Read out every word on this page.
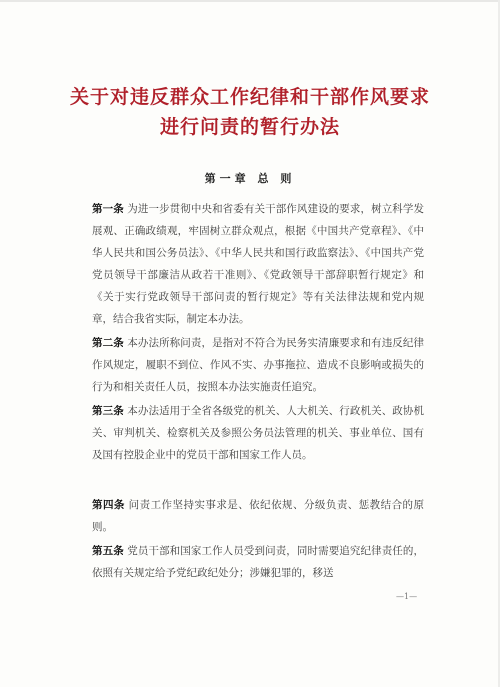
关于对违反群众工作纪律和干部作风要求
进行问责的暂行办法
第一章 总 则
第一条 为进一步贯彻中央和省委有关干部作风建设的要求，树立科学发展观、正确政绩观，牢固树立群众观点，根据《中国共产党章程》、《中华人民共和国公务员法》、《中华人民共和国行政监察法》、《中国共产党党员领导干部廉洁从政若干准则》、《党政领导干部辞职暂行规定》和《关于实行党政领导干部问责的暂行规定》等有关法律法规和党内规章，结合我省实际，制定本办法。
第二条 本办法所称问责，是指对不符合为民务实清廉要求和有违反纪律作风规定，履职不到位、作风不实、办事拖拉、造成不良影响或损失的行为和相关责任人员，按照本办法实施责任追究。
第三条 本办法适用于全省各级党的机关、人大机关、行政机关、政协机关、审判机关、检察机关及参照公务员法管理的机关、事业单位、国有及国有控股企业中的党员干部和国家工作人员。
第四条 问责工作坚持实事求是、依纪依规、分级负责、惩教结合的原则。
第五条 党员干部和国家工作人员受到问责，同时需要追究纪律责任的，依照有关规定给予党纪政纪处分；涉嫌犯罪的，移送
—1—
